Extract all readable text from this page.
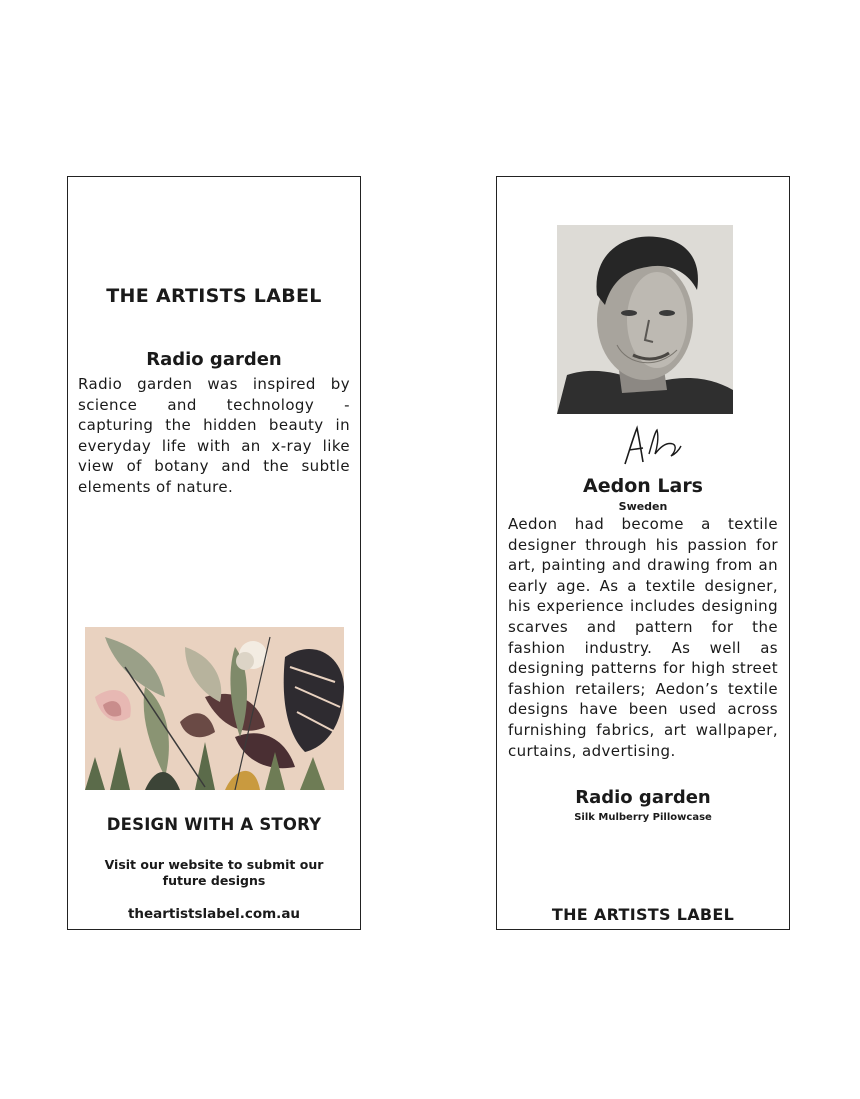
THE ARTISTS LABEL
Radio garden
Radio garden was inspired by science and technology - capturing the hidden beauty in everyday life with an x-ray like view of botany and the subtle elements of nature.
DESIGN WITH A STORY
Visit our website to submit our future designs
theartistslabel.com.au
Aedon Lars
Sweden
Aedon had become a textile designer through his passion for art, painting and drawing from an early age. As a textile designer, his experience includes designing scarves and pattern for the fashion industry. As well as designing patterns for high street fashion retailers; Aedon’s textile designs have been used across furnishing fabrics, art wallpaper, curtains, advertising.
Radio garden
Silk Mulberry Pillowcase
THE ARTISTS LABEL
